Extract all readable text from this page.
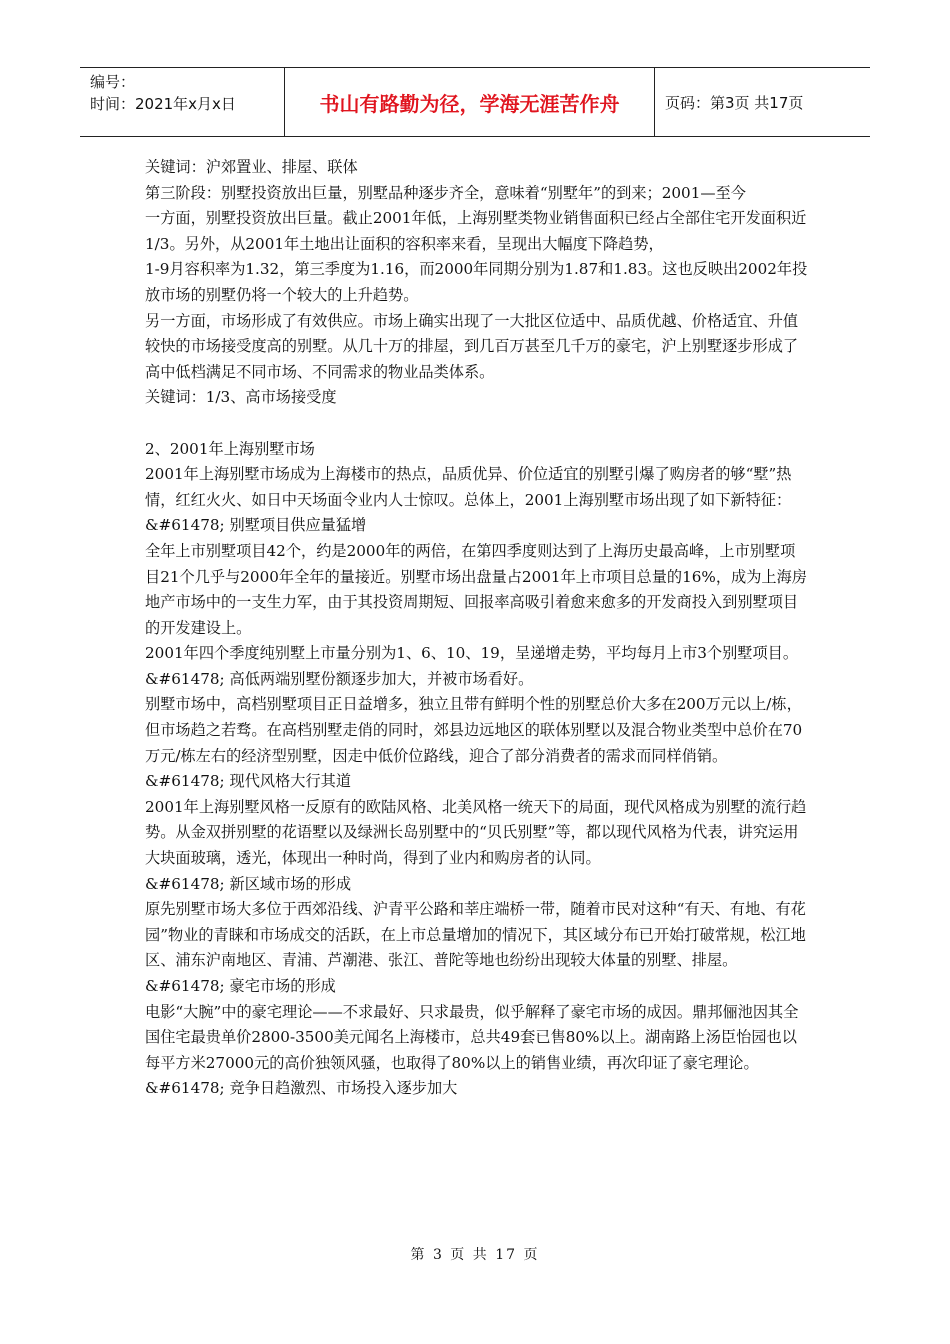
编号：
时间：2021年x月x日	书山有路勤为径，学海无涯苦作舟	页码：第3页 共17页

关键词：沪郊置业、排屋、联体

第三阶段：别墅投资放出巨量，别墅品种逐步齐全，意味着“别墅年”的到来；2001—至今

一方面，别墅投资放出巨量。截止2001年低，上海别墅类物业销售面积已经占全部住宅开发面积近1/3。另外，从2001年土地出让面积的容积率来看，呈现出大幅度下降趋势，

1-9月容积率为1.32，第三季度为1.16，而2000年同期分别为1.87和1.83。这也反映出2002年投放市场的别墅仍将一个较大的上升趋势。

另一方面，市场形成了有效供应。市场上确实出现了一大批区位适中、品质优越、价格适宜、升值较快的市场接受度高的别墅。从几十万的排屋，到几百万甚至几千万的豪宅，沪上别墅逐步形成了高中低档满足不同市场、不同需求的物业品类体系。

关键词：1/3、高市场接受度

2、2001年上海别墅市场

2001年上海别墅市场成为上海楼市的热点，品质优异、价位适宜的别墅引爆了购房者的够“墅”热情，红红火火、如日中天场面令业内人士惊叹。总体上，2001上海别墅市场出现了如下新特征：

&#61478; 别墅项目供应量猛增

全年上市别墅项目42个，约是2000年的两倍，在第四季度则达到了上海历史最高峰，上市别墅项目21个几乎与2000年全年的量接近。别墅市场出盘量占2001年上市项目总量的16%，成为上海房地产市场中的一支生力军，由于其投资周期短、回报率高吸引着愈来愈多的开发商投入到别墅项目的开发建设上。

2001年四个季度纯别墅上市量分别为1、6、10、19，呈递增走势，平均每月上市3个别墅项目。

&#61478; 高低两端别墅份额逐步加大，并被市场看好。

别墅市场中，高档别墅项目正日益增多，独立且带有鲜明个性的别墅总价大多在200万元以上/栋，但市场趋之若骛。在高档别墅走俏的同时，郊县边远地区的联体别墅以及混合物业类型中总价在70万元/栋左右的经济型别墅，因走中低价位路线，迎合了部分消费者的需求而同样俏销。

&#61478; 现代风格大行其道

2001年上海别墅风格一反原有的欧陆风格、北美风格一统天下的局面，现代风格成为别墅的流行趋势。从金双拼别墅的花语墅以及绿洲长岛别墅中的“贝氏别墅”等，都以现代风格为代表，讲究运用大块面玻璃，透光，体现出一种时尚，得到了业内和购房者的认同。

&#61478; 新区域市场的形成

原先别墅市场大多位于西郊沿线、沪青平公路和莘庄端桥一带，随着市民对这种“有天、有地、有花园”物业的青睐和市场成交的活跃，在上市总量增加的情况下，其区域分布已开始打破常规，松江地区、浦东沪南地区、青浦、芦潮港、张江、普陀等地也纷纷出现较大体量的别墅、排屋。

&#61478; 豪宅市场的形成

电影“大腕”中的豪宅理论——不求最好、只求最贵，似乎解释了豪宅市场的成因。鼎邦俪池因其全国住宅最贵单价2800-3500美元闻名上海楼市，总共49套已售80%以上。湖南路上汤臣怡园也以每平方米27000元的高价独领风骚，也取得了80%以上的销售业绩，再次印证了豪宅理论。

&#61478; 竞争日趋激烈、市场投入逐步加大

第 3 页 共 17 页
